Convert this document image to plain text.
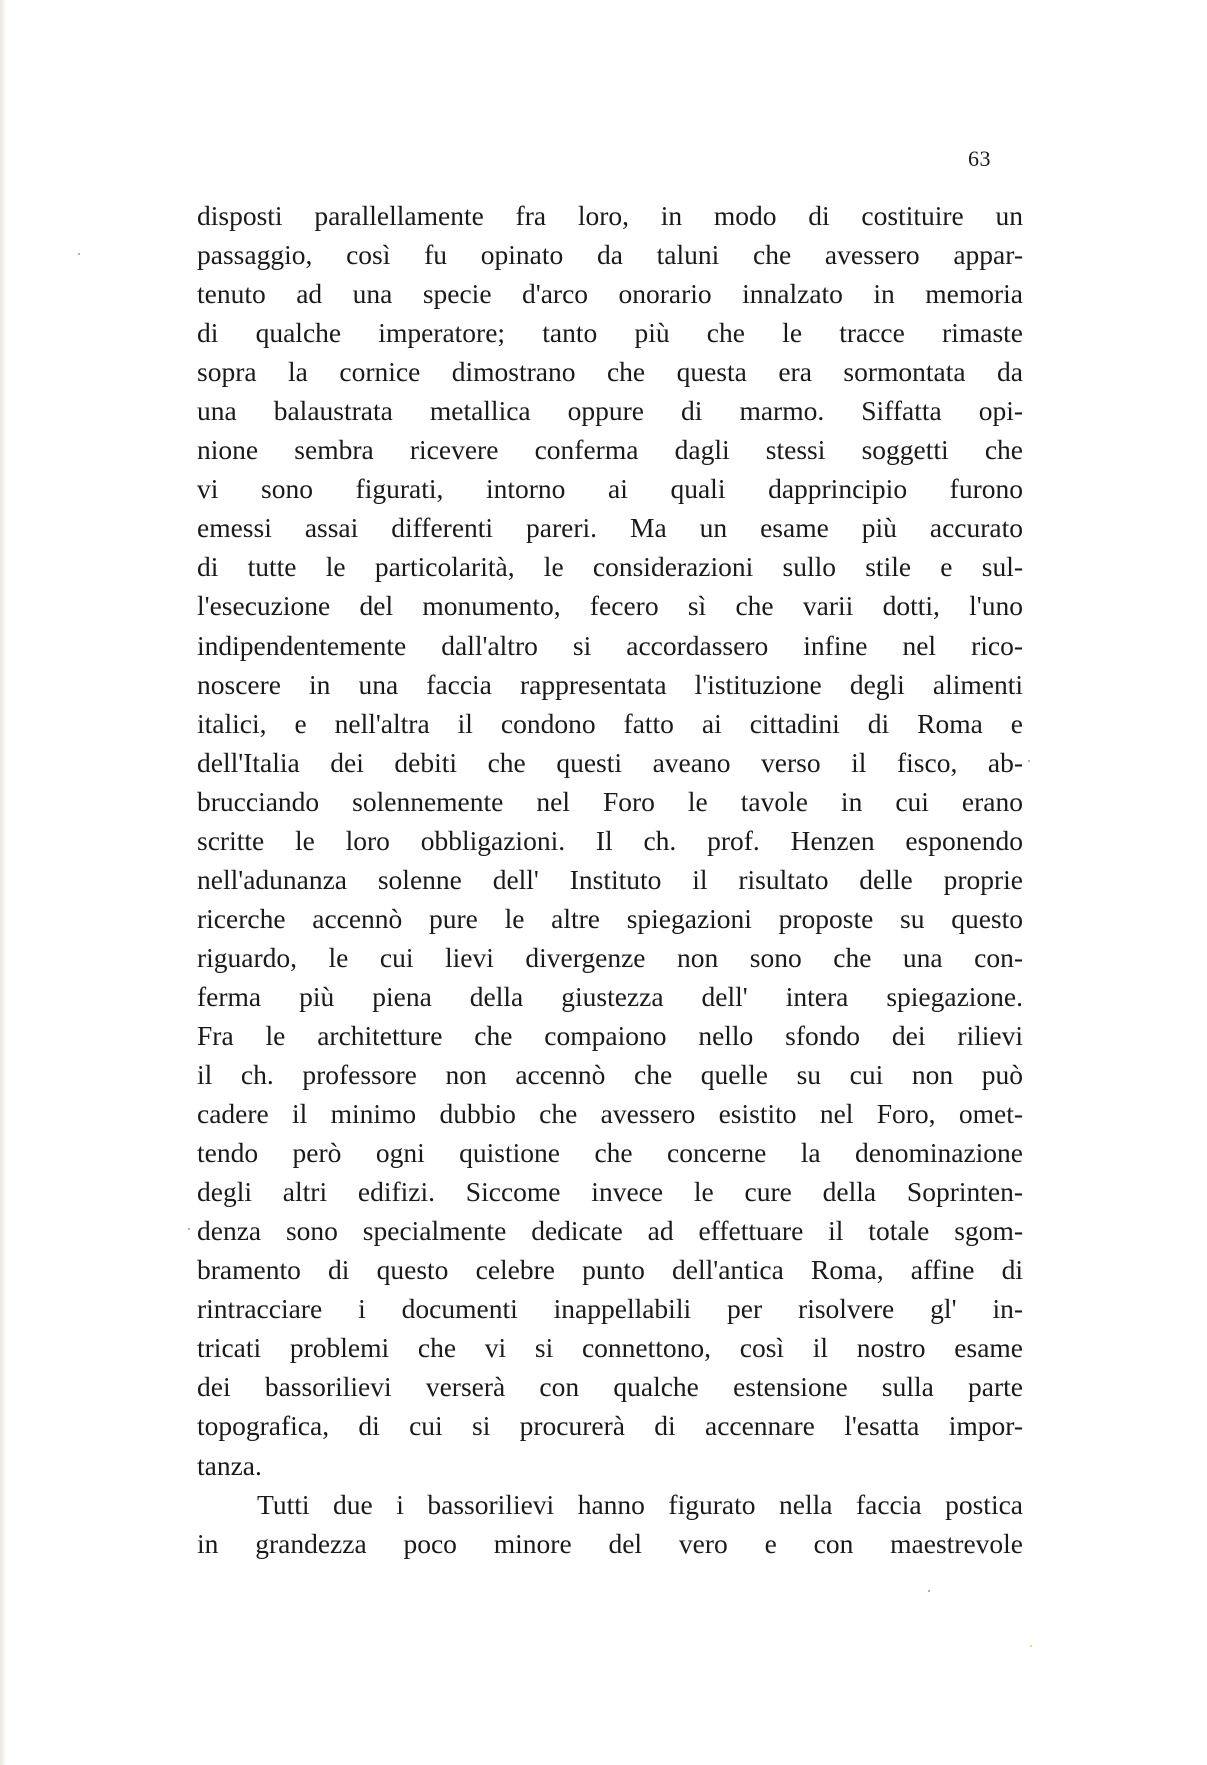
63
disposti parallellamente fra loro, in modo di costituire un
passaggio, così fu opinato da taluni che avessero appar-
tenuto ad una specie d'arco onorario innalzato in memoria
di qualche imperatore; tanto più che le tracce rimaste
sopra la cornice dimostrano che questa era sormontata da
una balaustrata metallica oppure di marmo. Siffatta opi-
nione sembra ricevere conferma dagli stessi soggetti che
vi sono figurati, intorno ai quali dapprincipio furono
emessi assai differenti pareri. Ma un esame più accurato
di tutte le particolarità, le considerazioni sullo stile e sul-
l'esecuzione del monumento, fecero sì che varii dotti, l'uno
indipendentemente dall'altro si accordassero infine nel rico-
noscere in una faccia rappresentata l'istituzione degli alimenti
italici, e nell'altra il condono fatto ai cittadini di Roma e
dell'Italia dei debiti che questi aveano verso il fisco, ab-
brucciando solennemente nel Foro le tavole in cui erano
scritte le loro obbligazioni. Il ch. prof. Henzen esponendo
nell'adunanza solenne dell' Instituto il risultato delle proprie
ricerche accennò pure le altre spiegazioni proposte su questo
riguardo, le cui lievi divergenze non sono che una con-
ferma più piena della giustezza dell' intera spiegazione.
Fra le architetture che compaiono nello sfondo dei rilievi
il ch. professore non accennò che quelle su cui non può
cadere il minimo dubbio che avessero esistito nel Foro, omet-
tendo però ogni quistione che concerne la denominazione
degli altri edifizi. Siccome invece le cure della Soprinten-
denza sono specialmente dedicate ad effettuare il totale sgom-
bramento di questo celebre punto dell'antica Roma, affine di
rintracciare i documenti inappellabili per risolvere gl' in-
tricati problemi che vi si connettono, così il nostro esame
dei bassorilievi verserà con qualche estensione sulla parte
topografica, di cui si procurerà di accennare l'esatta impor-
tanza.
Tutti due i bassorilievi hanno figurato nella faccia postica
in grandezza poco minore del vero e con maestrevole
